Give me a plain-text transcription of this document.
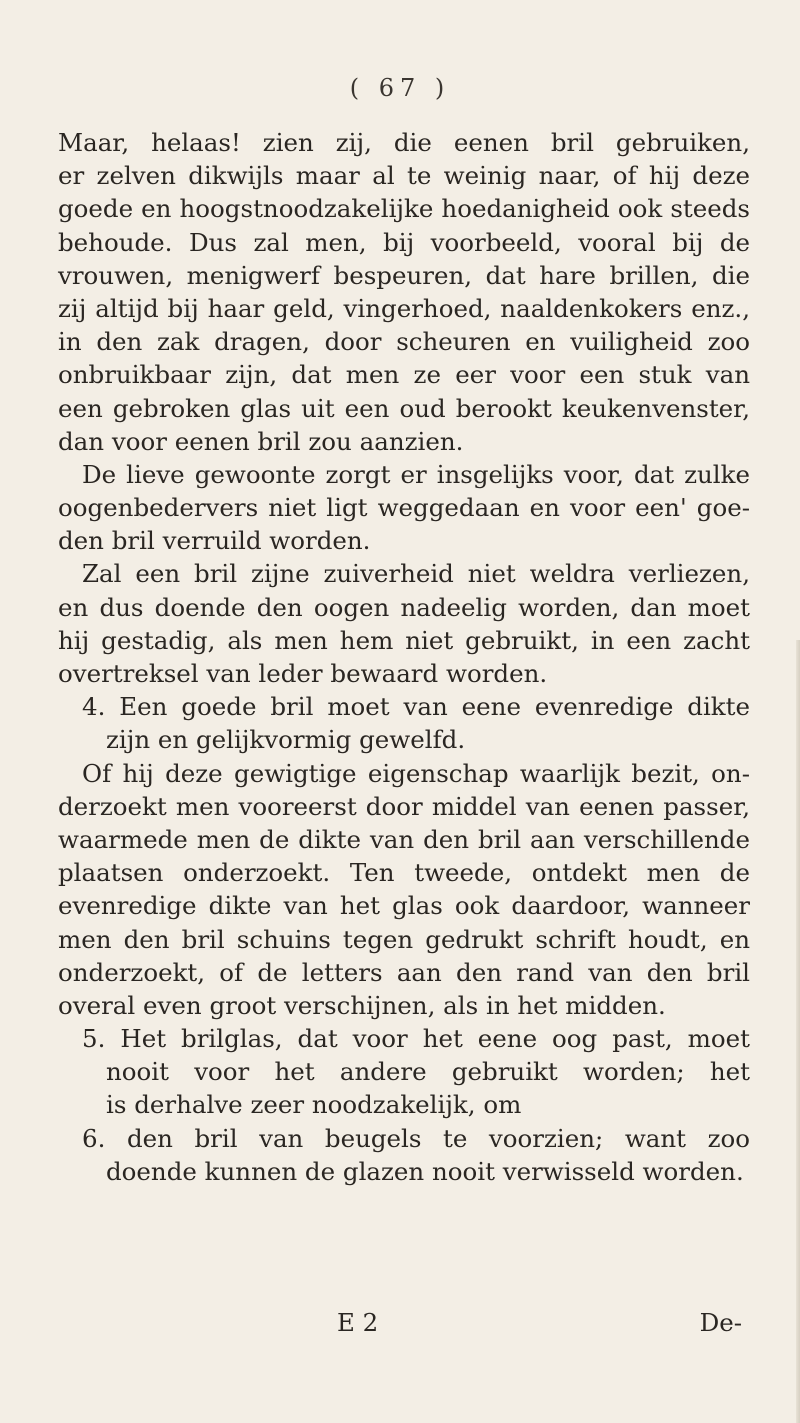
( 67 )
Maar, helaas! zien zij, die eenen bril gebruiken,
er zelven dikwijls maar al te weinig naar, of hij deze
goede en hoogstnoodzakelijke hoedanigheid ook steeds
behoude. Dus zal men, bij voorbeeld, vooral bij de
vrouwen, menigwerf bespeuren, dat hare brillen, die
zij altijd bij haar geld, vingerhoed, naaldenkokers enz.,
in den zak dragen, door scheuren en vuiligheid zoo
onbruikbaar zijn, dat men ze eer voor een stuk van
een gebroken glas uit een oud berookt keukenvenster,
dan voor eenen bril zou aanzien.
De lieve gewoonte zorgt er insgelijks voor, dat zulke
oogenbedervers niet ligt weggedaan en voor een' goe-
den bril verruild worden.
Zal een bril zijne zuiverheid niet weldra verliezen,
en dus doende den oogen nadeelig worden, dan moet
hij gestadig, als men hem niet gebruikt, in een zacht
overtreksel van leder bewaard worden.
4. Een goede bril moet van eene evenredige dikte
zijn en gelijkvormig gewelfd.
Of hij deze gewigtige eigenschap waarlijk bezit, on-
derzoekt men vooreerst door middel van eenen passer,
waarmede men de dikte van den bril aan verschillende
plaatsen onderzoekt. Ten tweede, ontdekt men de
evenredige dikte van het glas ook daardoor, wanneer
men den bril schuins tegen gedrukt schrift houdt, en
onderzoekt, of de letters aan den rand van den bril
overal even groot verschijnen, als in het midden.
5. Het brilglas, dat voor het eene oog past, moet
nooit voor het andere gebruikt worden; het
is derhalve zeer noodzakelijk, om
6. den bril van beugels te voorzien; want zoo
doende kunnen de glazen nooit verwisseld worden.
E 2	De-
